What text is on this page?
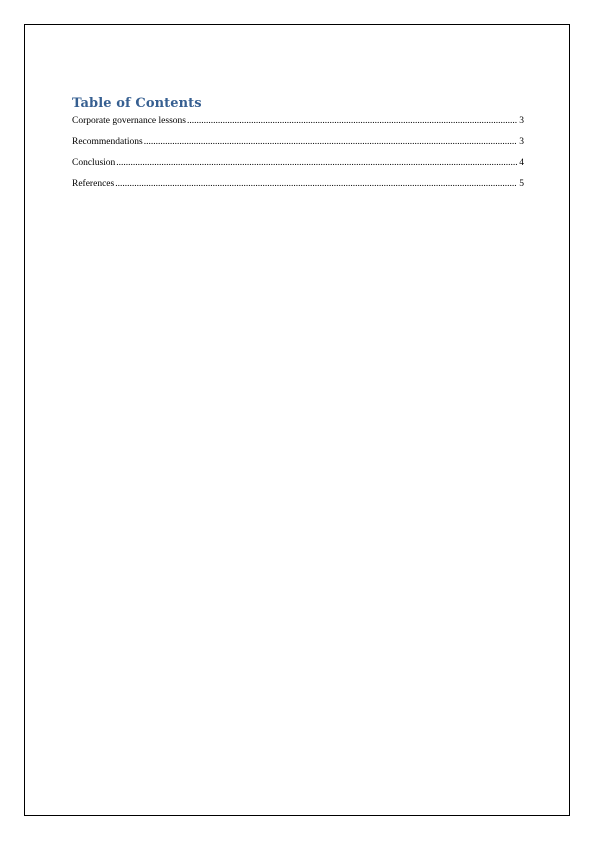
Table of Contents
Corporate governance lessons .....	3
Recommendations .....	3
Conclusion .....	4
References .....	5
